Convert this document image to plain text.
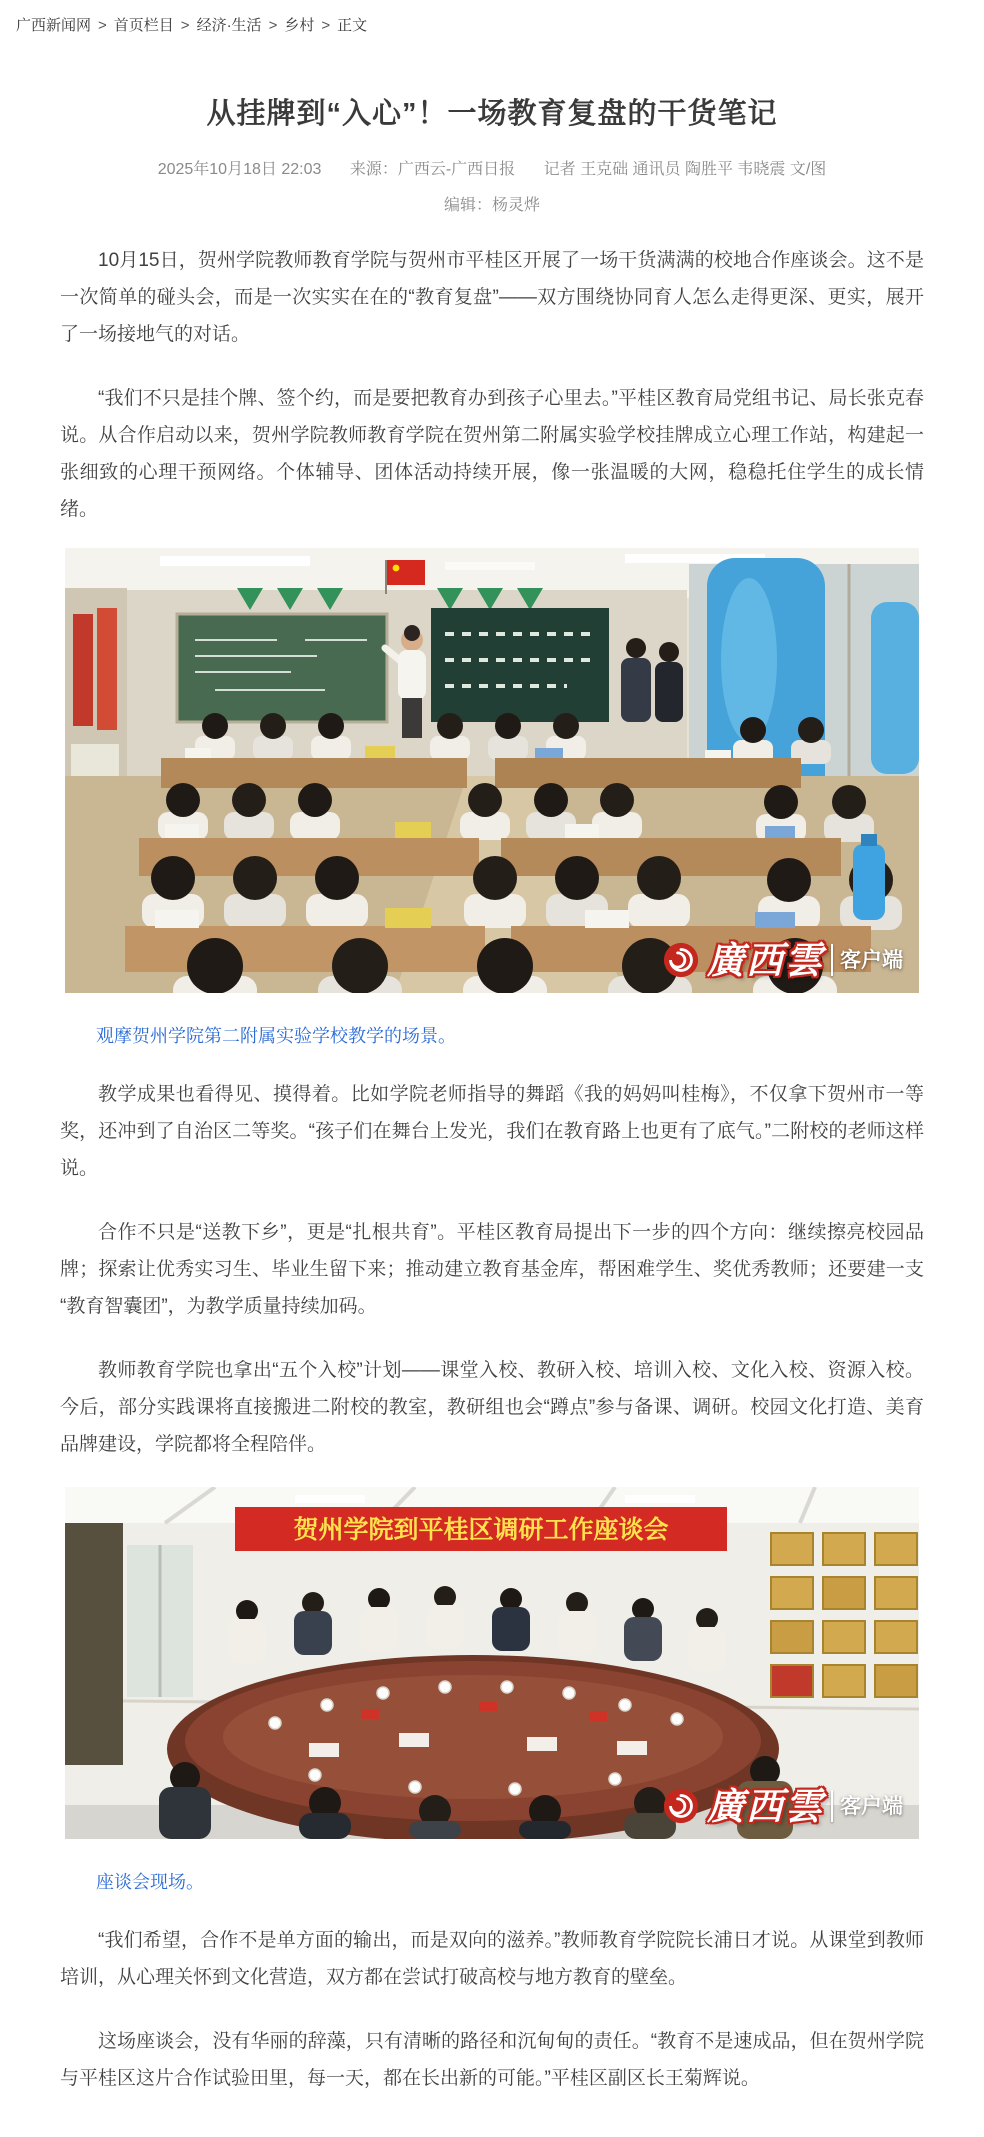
广西新闻网 > 首页栏目 > 经济·生活 > 乡村 > 正文
从挂牌到“入心”！一场教育复盘的干货笔记
2025年10月18日 22:03 来源：广西云-广西日报 记者 王克础 通讯员 陶胜平 韦晓震 文/图
编辑：杨灵烨

10月15日，贺州学院教师教育学院与贺州市平桂区开展了一场干货满满的校地合作座谈会。这不是一次简单的碰头会，而是一次实实在在的“教育复盘”——双方围绕协同育人怎么走得更深、更实，展开了一场接地气的对话。

“我们不只是挂个牌、签个约，而是要把教育办到孩子心里去。”平桂区教育局党组书记、局长张克春说。从合作启动以来，贺州学院教师教育学院在贺州第二附属实验学校挂牌成立心理工作站，构建起一张细致的心理干预网络。个体辅导、团体活动持续开展，像一张温暖的大网，稳稳托住学生的成长情绪。

廣西雲 客户端

观摩贺州学院第二附属实验学校教学的场景。

教学成果也看得见、摸得着。比如学院老师指导的舞蹈《我的妈妈叫桂梅》，不仅拿下贺州市一等奖，还冲到了自治区二等奖。“孩子们在舞台上发光，我们在教育路上也更有了底气。”二附校的老师这样说。

合作不只是“送教下乡”，更是“扎根共育”。平桂区教育局提出下一步的四个方向：继续擦亮校园品牌；探索让优秀实习生、毕业生留下来；推动建立教育基金库，帮困难学生、奖优秀教师；还要建一支“教育智囊团”，为教学质量持续加码。

教师教育学院也拿出“五个入校”计划——课堂入校、教研入校、培训入校、文化入校、资源入校。今后，部分实践课将直接搬进二附校的教室，教研组也会“蹲点”参与备课、调研。校园文化打造、美育品牌建设，学院都将全程陪伴。

贺州学院到平桂区调研工作座谈会
廣西雲 客户端

座谈会现场。

“我们希望，合作不是单方面的输出，而是双向的滋养。”教师教育学院院长浦日才说。从课堂到教师培训，从心理关怀到文化营造，双方都在尝试打破高校与地方教育的壁垒。

这场座谈会，没有华丽的辞藻，只有清晰的路径和沉甸甸的责任。“教育不是速成品，但在贺州学院与平桂区这片合作试验田里，每一天，都在长出新的可能。”平桂区副区长王菊辉说。
